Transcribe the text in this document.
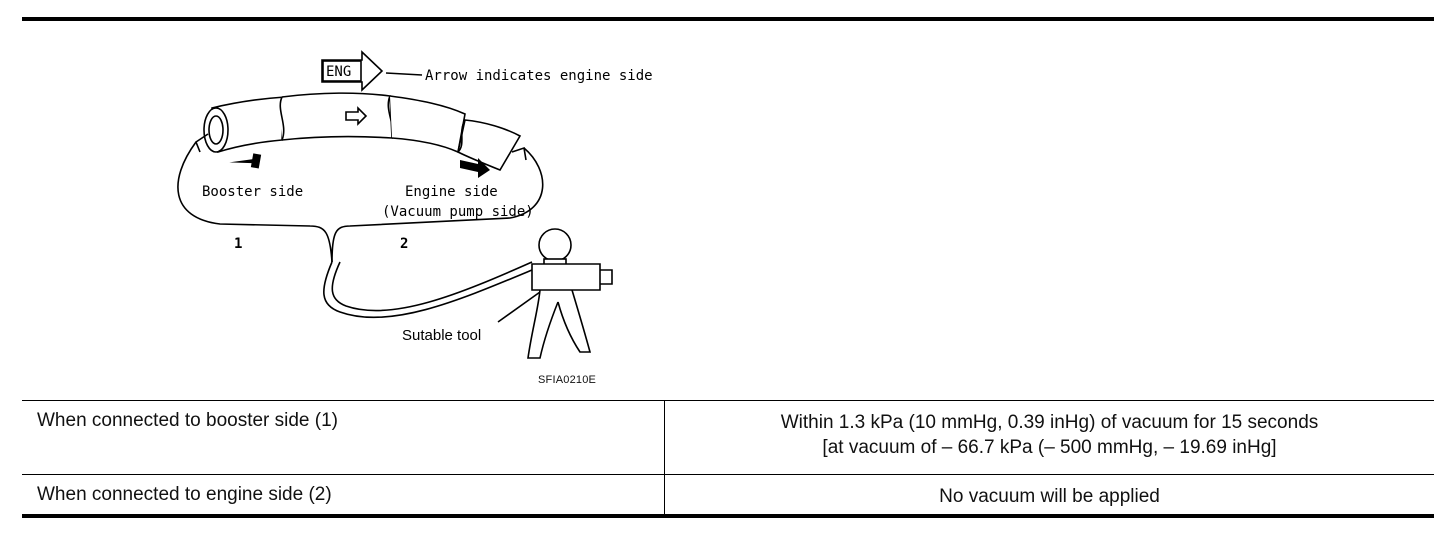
ENG	Arrow indicates engine side
Booster side	Engine side
(Vacuum pump side)
1	2
Sutable tool
SFIA0210E
When connected to booster side (1)	Within 1.3 kPa (10 mmHg, 0.39 inHg) of vacuum for 15 seconds
[at vacuum of – 66.7 kPa (– 500 mmHg, – 19.69 inHg]
When connected to engine side (2)	No vacuum will be applied
